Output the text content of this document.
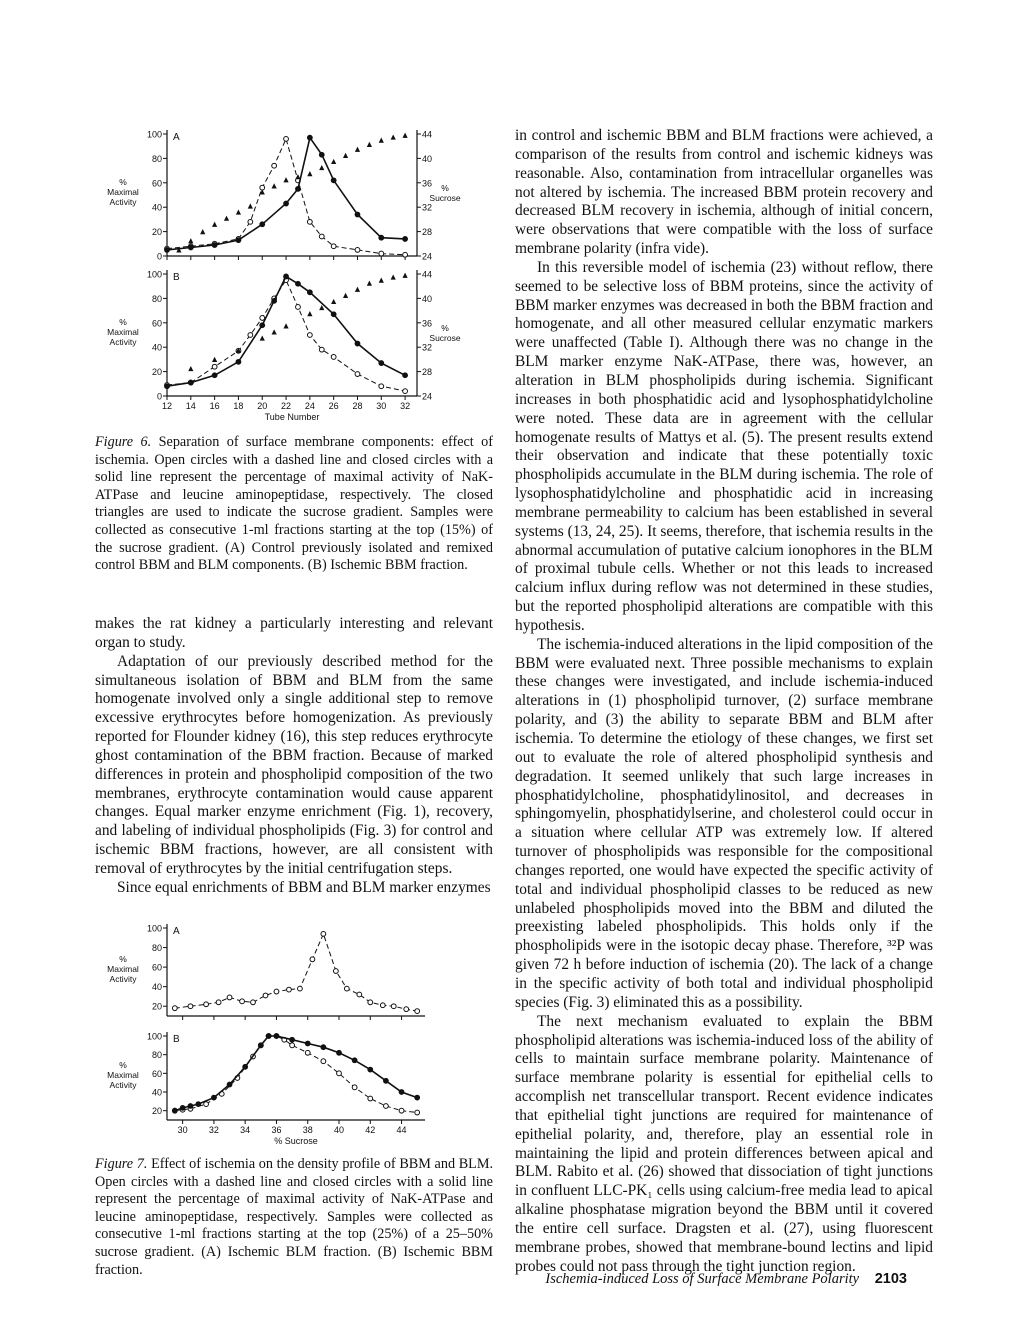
A
0
20
40
60
80
100
24
28
32
36
40
44
%
Sucrose
%
Maximal
Activity
B
0
20
40
60
80
100
24
28
32
36
40
44
%
Sucrose
12 14 16 18 20 22 24 26 28 30 32
Tube Number
%
Maximal
Activity
Figure 6. Separation of surface membrane components: effect of ischemia. Open circles with a dashed line and closed circles with a solid line represent the percentage of maximal activity of NaK-ATPase and leucine aminopeptidase, respectively. The closed triangles are used to indicate the sucrose gradient. Samples were collected as consecutive 1-ml fractions starting at the top (15%) of the sucrose gradient. (A) Control previously isolated and remixed control BBM and BLM components. (B) Ischemic BBM fraction.

makes the rat kidney a particularly interesting and relevant organ to study.

Adaptation of our previously described method for the simultaneous isolation of BBM and BLM from the same homogenate involved only a single additional step to remove excessive erythrocytes before homogenization. As previously reported for Flounder kidney (16), this step reduces erythrocyte ghost contamination of the BBM fraction. Because of marked differences in protein and phospholipid composition of the two membranes, erythrocyte contamination would cause apparent changes. Equal marker enzyme enrichment (Fig. 1), recovery, and labeling of individual phospholipids (Fig. 3) for control and ischemic BBM fractions, however, are all consistent with removal of erythrocytes by the initial centrifugation steps.

Since equal enrichments of BBM and BLM marker enzymes

A
20
40
60
80
100
%
Maximal
Activity
B
20
40
60
80
100
30 32 34 36 38 40 42 44
% Sucrose
%
Maximal
Activity
Figure 7. Effect of ischemia on the density profile of BBM and BLM. Open circles with a dashed line and closed circles with a solid line represent the percentage of maximal activity of NaK-ATPase and leucine aminopeptidase, respectively. Samples were collected as consecutive 1-ml fractions starting at the top (25%) of a 25–50% sucrose gradient. (A) Ischemic BLM fraction. (B) Ischemic BBM fraction.

in control and ischemic BBM and BLM fractions were achieved, a comparison of the results from control and ischemic kidneys was reasonable. Also, contamination from intracellular organelles was not altered by ischemia. The increased BBM protein recovery and decreased BLM recovery in ischemia, although of initial concern, were observations that were compatible with the loss of surface membrane polarity (infra vide).

In this reversible model of ischemia (23) without reflow, there seemed to be selective loss of BBM proteins, since the activity of BBM marker enzymes was decreased in both the BBM fraction and homogenate, and all other measured cellular enzymatic markers were unaffected (Table I). Although there was no change in the BLM marker enzyme NaK-ATPase, there was, however, an alteration in BLM phospholipids during ischemia. Significant increases in both phosphatidic acid and lysophosphatidylcholine were noted. These data are in agreement with the cellular homogenate results of Mattys et al. (5). The present results extend their observation and indicate that these potentially toxic phospholipids accumulate in the BLM during ischemia. The role of lysophosphatidylcholine and phosphatidic acid in increasing membrane permeability to calcium has been established in several systems (13, 24, 25). It seems, therefore, that ischemia results in the abnormal accumulation of putative calcium ionophores in the BLM of proximal tubule cells. Whether or not this leads to increased calcium influx during reflow was not determined in these studies, but the reported phospholipid alterations are compatible with this hypothesis.

The ischemia-induced alterations in the lipid composition of the BBM were evaluated next. Three possible mechanisms to explain these changes were investigated, and include ischemia-induced alterations in (1) phospholipid turnover, (2) surface membrane polarity, and (3) the ability to separate BBM and BLM after ischemia. To determine the etiology of these changes, we first set out to evaluate the role of altered phospholipid synthesis and degradation. It seemed unlikely that such large increases in phosphatidylcholine, phosphatidylinositol, and decreases in sphingomyelin, phosphatidylserine, and cholesterol could occur in a situation where cellular ATP was extremely low. If altered turnover of phospholipids was responsible for the compositional changes reported, one would have expected the specific activity of total and individual phospholipid classes to be reduced as new unlabeled phospholipids moved into the BBM and diluted the preexisting labeled phospholipids. This holds only if the phospholipids were in the isotopic decay phase. Therefore, ³²P was given 72 h before induction of ischemia (20). The lack of a change in the specific activity of both total and individual phospholipid species (Fig. 3) eliminated this as a possibility.

The next mechanism evaluated to explain the BBM phospholipid alterations was ischemia-induced loss of the ability of cells to maintain surface membrane polarity. Maintenance of surface membrane polarity is essential for epithelial cells to accomplish net transcellular transport. Recent evidence indicates that epithelial tight junctions are required for maintenance of epithelial polarity, and, therefore, play an essential role in maintaining the lipid and protein differences between apical and BLM. Rabito et al. (26) showed that dissociation of tight junctions in confluent LLC-PK₁ cells using calcium-free media lead to apical alkaline phosphatase migration beyond the BBM until it covered the entire cell surface. Dragsten et al. (27), using fluorescent membrane probes, showed that membrane-bound lectins and lipid probes could not pass through the tight junction region.

Ischemia-induced Loss of Surface Membrane Polarity 2103
